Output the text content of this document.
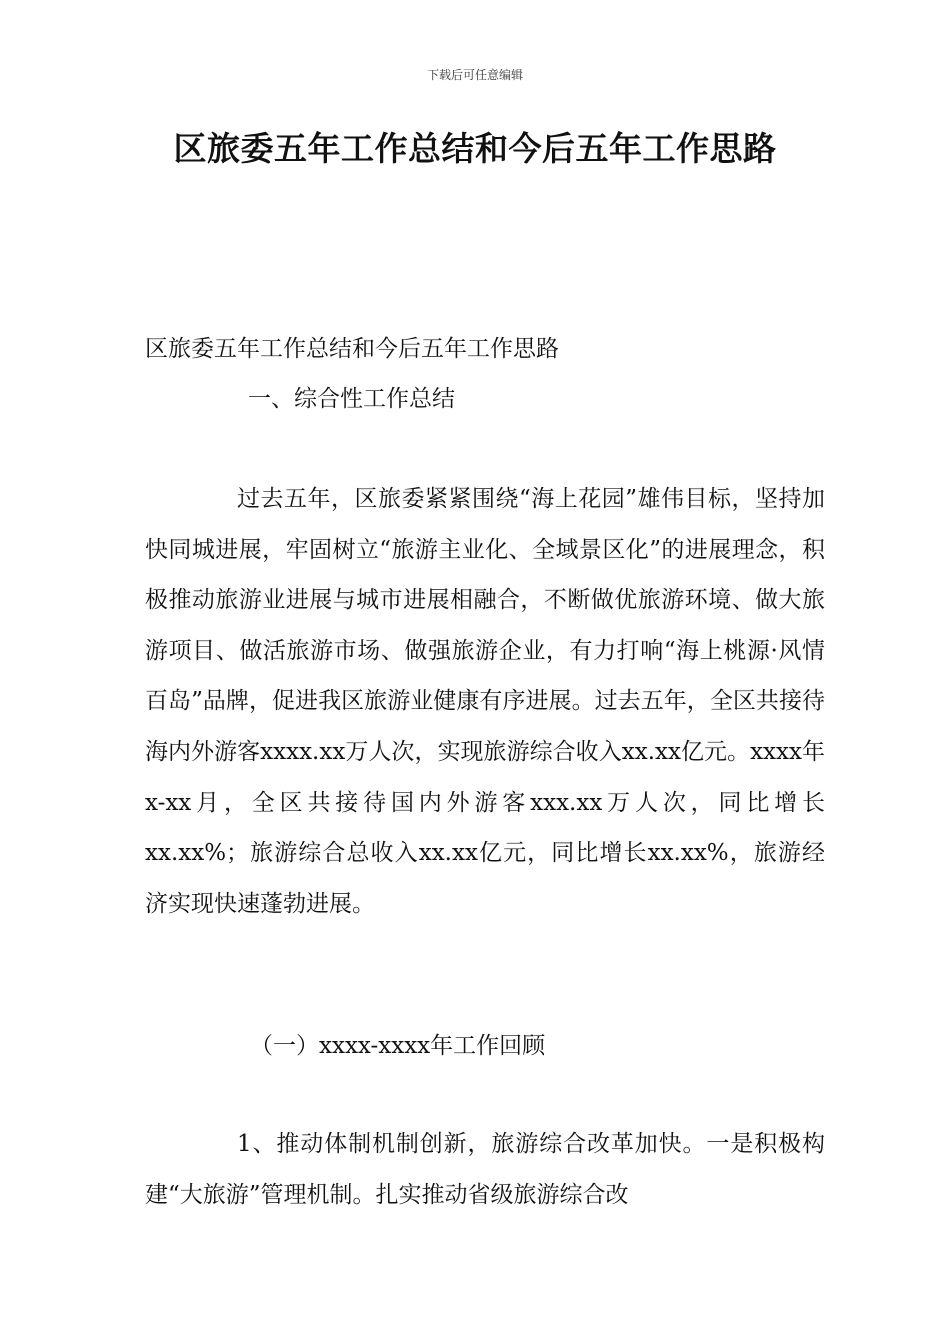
下载后可任意编辑
区旅委五年工作总结和今后五年工作思路
区旅委五年工作总结和今后五年工作思路
一、综合性工作总结

过去五年，区旅委紧紧围绕“海上花园”雄伟目标，坚持加快同城进展，牢固树立“旅游主业化、全域景区化”的进展理念，积极推动旅游业进展与城市进展相融合，不断做优旅游环境、做大旅游项目、做活旅游市场、做强旅游企业，有力打响“海上桃源·风情百岛”品牌，促进我区旅游业健康有序进展。过去五年，全区共接待海内外游客xxxx.xx万人次，实现旅游综合收入xx.xx亿元。xxxx年x-xx月，全区共接待国内外游客xxx.xx万人次，同比增长xx.xx%；旅游综合总收入xx.xx亿元，同比增长xx.xx%，旅游经济实现快速蓬勃进展。

（一）xxxx-xxxx年工作回顾

1、推动体制机制创新，旅游综合改革加快。一是积极构建“大旅游”管理机制。扎实推动省级旅游综合改
